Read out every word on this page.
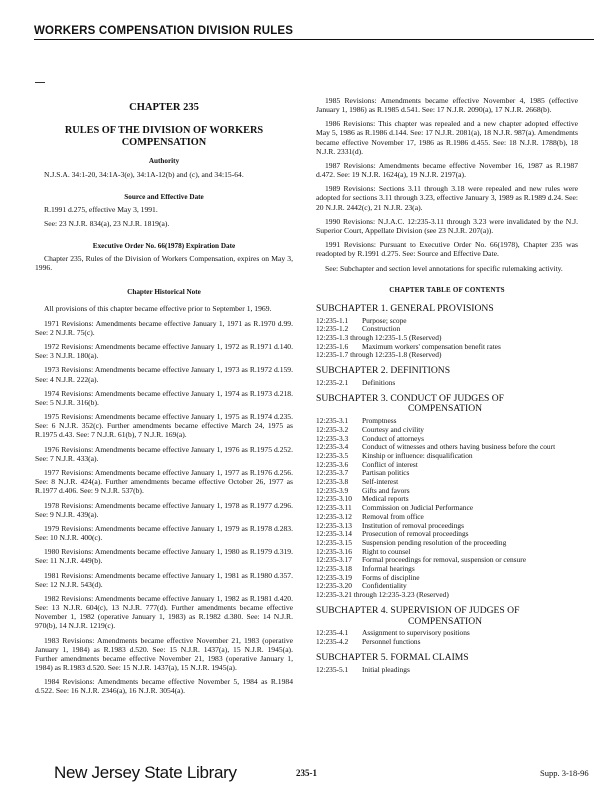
WORKERS COMPENSATION DIVISION RULES
CHAPTER 235
RULES OF THE DIVISION OF WORKERS
COMPENSATION
Authority

N.J.S.A. 34:1-20, 34:1A-3(e), 34:1A-12(b) and (c), and 34:15-64.

Source and Effective Date

R.1991 d.275, effective May 3, 1991.

See: 23 N.J.R. 834(a), 23 N.J.R. 1819(a).

Executive Order No. 66(1978) Expiration Date

Chapter 235, Rules of the Division of Workers Compensation, expires on May 3, 1996.

Chapter Historical Note

All provisions of this chapter became effective prior to September 1, 1969.

1971 Revisions: Amendments became effective January 1, 1971 as R.1970 d.99. See: 2 N.J.R. 75(c).

1972 Revisions: Amendments became effective January 1, 1972 as R.1971 d.140. See: 3 N.J.R. 180(a).

1973 Revisions: Amendments became effective January 1, 1973 as R.1972 d.159. See: 4 N.J.R. 222(a).

1974 Revisions: Amendments became effective January 1, 1974 as R.1973 d.218. See: 5 N.J.R. 316(b).

1975 Revisions: Amendments became effective January 1, 1975 as R.1974 d.235. See: 6 N.J.R. 352(c). Further amendments became effective March 24, 1975 as R.1975 d.43. See: 7 N.J.R. 61(b), 7 N.J.R. 169(a).

1976 Revisions: Amendments became effective January 1, 1976 as R.1975 d.252. See: 7 N.J.R. 433(a).

1977 Revisions: Amendments became effective January 1, 1977 as R.1976 d.256. See: 8 N.J.R. 424(a). Further amendments became effective October 26, 1977 as R.1977 d.406. See: 9 N.J.R. 537(b).

1978 Revisions: Amendments became effective January 1, 1978 as R.1977 d.296. See: 9 N.J.R. 439(a).

1979 Revisions: Amendments became effective January 1, 1979 as R.1978 d.283. See: 10 N.J.R. 400(c).

1980 Revisions: Amendments became effective January 1, 1980 as R.1979 d.319. See: 11 N.J.R. 449(b).

1981 Revisions: Amendments became effective January 1, 1981 as R.1980 d.357. See: 12 N.J.R. 543(d).

1982 Revisions: Amendments became effective January 1, 1982 as R.1981 d.420. See: 13 N.J.R. 604(c), 13 N.J.R. 777(d). Further amendments became effective November 1, 1982 (operative January 1, 1983) as R.1982 d.380. See: 14 N.J.R. 970(b), 14 N.J.R. 1219(c).

1983 Revisions: Amendments became effective November 21, 1983 (operative January 1, 1984) as R.1983 d.520. See: 15 N.J.R. 1437(a), 15 N.J.R. 1945(a). Further amendments became effective November 21, 1983 (operative January 1, 1984) as R.1983 d.520. See: 15 N.J.R. 1437(a), 15 N.J.R. 1945(a).

1984 Revisions: Amendments became effective November 5, 1984 as R.1984 d.522. See: 16 N.J.R. 2346(a), 16 N.J.R. 3054(a).

1985 Revisions: Amendments became effective November 4, 1985 (effective January 1, 1986) as R.1985 d.541. See: 17 N.J.R. 2090(a), 17 N.J.R. 2668(b).

1986 Revisions: This chapter was repealed and a new chapter adopted effective May 5, 1986 as R.1986 d.144. See: 17 N.J.R. 2081(a), 18 N.J.R. 987(a). Amendments became effective November 17, 1986 as R.1986 d.455. See: 18 N.J.R. 1788(b), 18 N.J.R. 2331(d).

1987 Revisions: Amendments became effective November 16, 1987 as R.1987 d.472. See: 19 N.J.R. 1624(a), 19 N.J.R. 2197(a).

1989 Revisions: Sections 3.11 through 3.18 were repealed and new rules were adopted for sections 3.11 through 3.23, effective January 3, 1989 as R.1989 d.24. See: 20 N.J.R. 2442(c), 21 N.J.R. 23(a).

1990 Revisions: N.J.A.C. 12:235-3.11 through 3.23 were invalidated by the N.J. Superior Court, Appellate Division (see 23 N.J.R. 207(a)).

1991 Revisions: Pursuant to Executive Order No. 66(1978), Chapter 235 was readopted by R.1991 d.275. See: Source and Effective Date.

See: Subchapter and section level annotations for specific rulemaking activity.

CHAPTER TABLE OF CONTENTS
SUBCHAPTER 1. GENERAL PROVISIONS
12:235-1.1	Purpose; scope
12:235-1.2	Construction
12:235-1.3 through 12:235-1.5 (Reserved)
12:235-1.6	Maximum workers' compensation benefit rates
12:235-1.7 through 12:235-1.8 (Reserved)
SUBCHAPTER 2. DEFINITIONS
12:235-2.1	Definitions
SUBCHAPTER 3. CONDUCT OF JUDGES OF
COMPENSATION
12:235-3.1	Promptness
12:235-3.2	Courtesy and civility
12:235-3.3	Conduct of attorneys
12:235-3.4	Conduct of witnesses and others having business before the court
12:235-3.5	Kinship or influence: disqualification
12:235-3.6	Conflict of interest
12:235-3.7	Partisan politics
12:235-3.8	Self-interest
12:235-3.9	Gifts and favors
12:235-3.10	Medical reports
12:235-3.11	Commission on Judicial Performance
12:235-3.12	Removal from office
12:235-3.13	Institution of removal proceedings
12:235-3.14	Prosecution of removal proceedings
12:235-3.15	Suspension pending resolution of the proceeding
12:235-3.16	Right to counsel
12:235-3.17	Formal proceedings for removal, suspension or censure
12:235-3.18	Informal hearings
12:235-3.19	Forms of discipline
12:235-3.20	Confidentiality
12:235-3.21 through 12:235-3.23 (Reserved)
SUBCHAPTER 4. SUPERVISION OF JUDGES OF
COMPENSATION
12:235-4.1	Assignment to supervisory positions
12:235-4.2	Personnel functions
SUBCHAPTER 5. FORMAL CLAIMS
12:235-5.1	Initial pleadings
New Jersey State Library	235-1	Supp. 3-18-96
